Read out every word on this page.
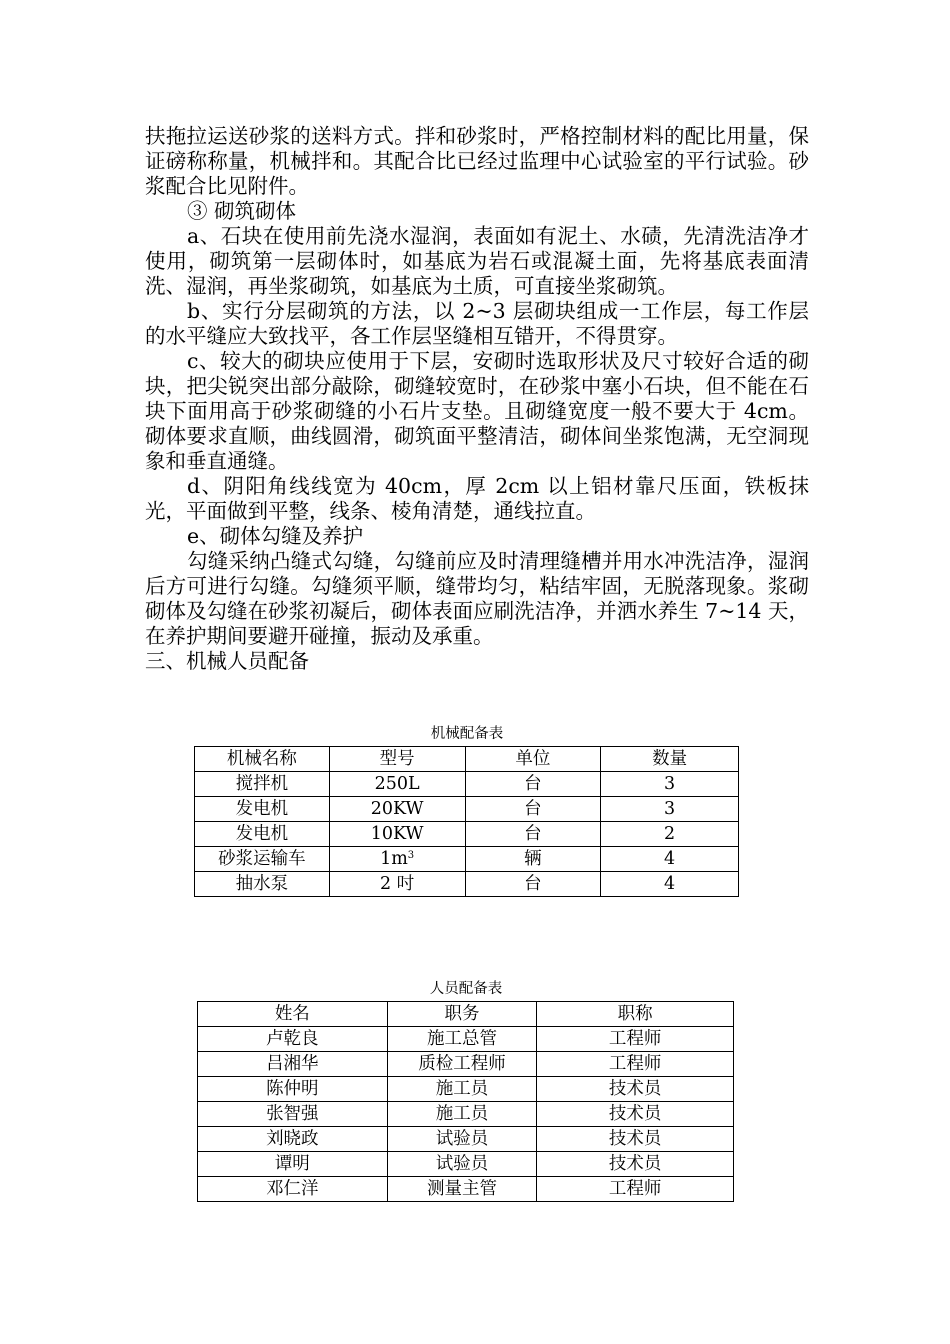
扶拖拉运送砂浆的送料方式。拌和砂浆时，严格控制材料的配比用量，保证磅称称量，机械拌和。其配合比已经过监理中心试验室的平行试验。砂浆配合比见附件。

③ 砌筑砌体

a、石块在使用前先浇水湿润，表面如有泥土、水碛，先清洗洁净才使用，砌筑第一层砌体时，如基底为岩石或混凝土面，先将基底表面清洗、湿润，再坐浆砌筑，如基底为土质，可直接坐浆砌筑。

b、实行分层砌筑的方法，以 2~3 层砌块组成一工作层，每工作层的水平缝应大致找平，各工作层坚缝相互错开，不得贯穿。

c、较大的砌块应使用于下层，安砌时选取形状及尺寸较好合适的砌块，把尖锐突出部分敲除，砌缝较宽时，在砂浆中塞小石块，但不能在石块下面用高于砂浆砌缝的小石片支垫。且砌缝宽度一般不要大于 4cm。砌体要求直顺，曲线圆滑，砌筑面平整清洁，砌体间坐浆饱满，无空洞现象和垂直通缝。

d、阴阳角线线宽为 40cm，厚 2cm 以上铝材靠尺压面，铁板抹光，平面做到平整，线条、棱角清楚，通线拉直。

e、砌体勾缝及养护

勾缝采纳凸缝式勾缝，勾缝前应及时清理缝槽并用水冲洗洁净，湿润后方可进行勾缝。勾缝须平顺，缝带均匀，粘结牢固，无脱落现象。浆砌砌体及勾缝在砂浆初凝后，砌体表面应刷洗洁净，并洒水养生 7~14 天，在养护期间要避开碰撞，振动及承重。

三、机械人员配备

机械配备表
机械名称	型号	单位	数量
搅拌机	250L	台	3
发电机	20KW	台	3
发电机	10KW	台	2
砂浆运输车	$1m^3$	辆	4
抽水泵	2 吋	台	4
人员配备表
姓名	职务	职称
卢乾良	施工总管	工程师
吕湘华	质检工程师	工程师
陈仲明	施工员	技术员
张智强	施工员	技术员
刘晓政	试验员	技术员
谭明	试验员	技术员
邓仁洋	测量主管	工程师
